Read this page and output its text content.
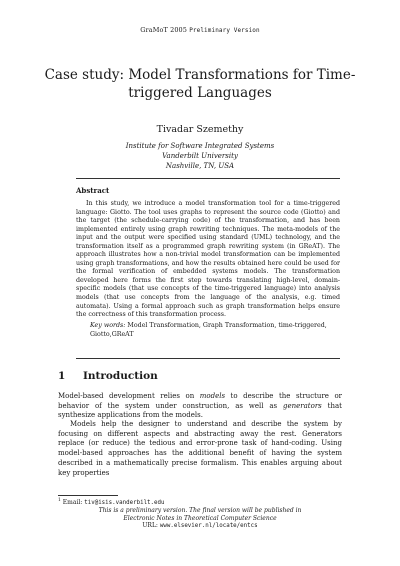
GraMoT 2005 Preliminary Version
Case study: Model Transformations for Time-triggered Languages
Tivadar Szemethy
Institute for Software Integrated Systems
Vanderbilt University
Nashville, TN, USA
Abstract
In this study, we introduce a model transformation tool for a time-triggered language: Giotto. The tool uses graphs to represent the source code (Giotto) and the target (the schedule-carrying code) of the transformation, and has been implemented entirely using graph rewriting techniques. The meta-models of the input and the output were specified using standard (UML) technology, and the transformation itself as a programmed graph rewriting system (in GReAT). The approach illustrates how a non-trivial model transformation can be implemented using graph transformations, and how the results obtained here could be used for the formal verification of embedded systems models. The transformation developed here forms the first step towards translating high-level, domain-specific models (that use concepts of the time-triggered language) into analysis models (that use concepts from the language of the analysis, e.g. timed automata). Using a formal approach such as graph transformation helps ensure the correctness of this transformation process.
Key words: Model Transformation, Graph Transformation, time-triggered, Giotto,GReAT
1 Introduction
Model-based development relies on models to describe the structure or behavior of the system under construction, as well as generators that synthesize applications from the models.
Models help the designer to understand and describe the system by focusing on different aspects and abstracting away the rest. Generators replace (or reduce) the tedious and error-prone task of hand-coding. Using model-based approaches has the additional benefit of having the system described in a mathematically precise formalism. This enables arguing about key properties
$^1$ Email: tiv@isis.vanderbilt.edu
This is a preliminary version. The final version will be published in
Electronic Notes in Theoretical Computer Science
URL: www.elsevier.nl/locate/entcs
